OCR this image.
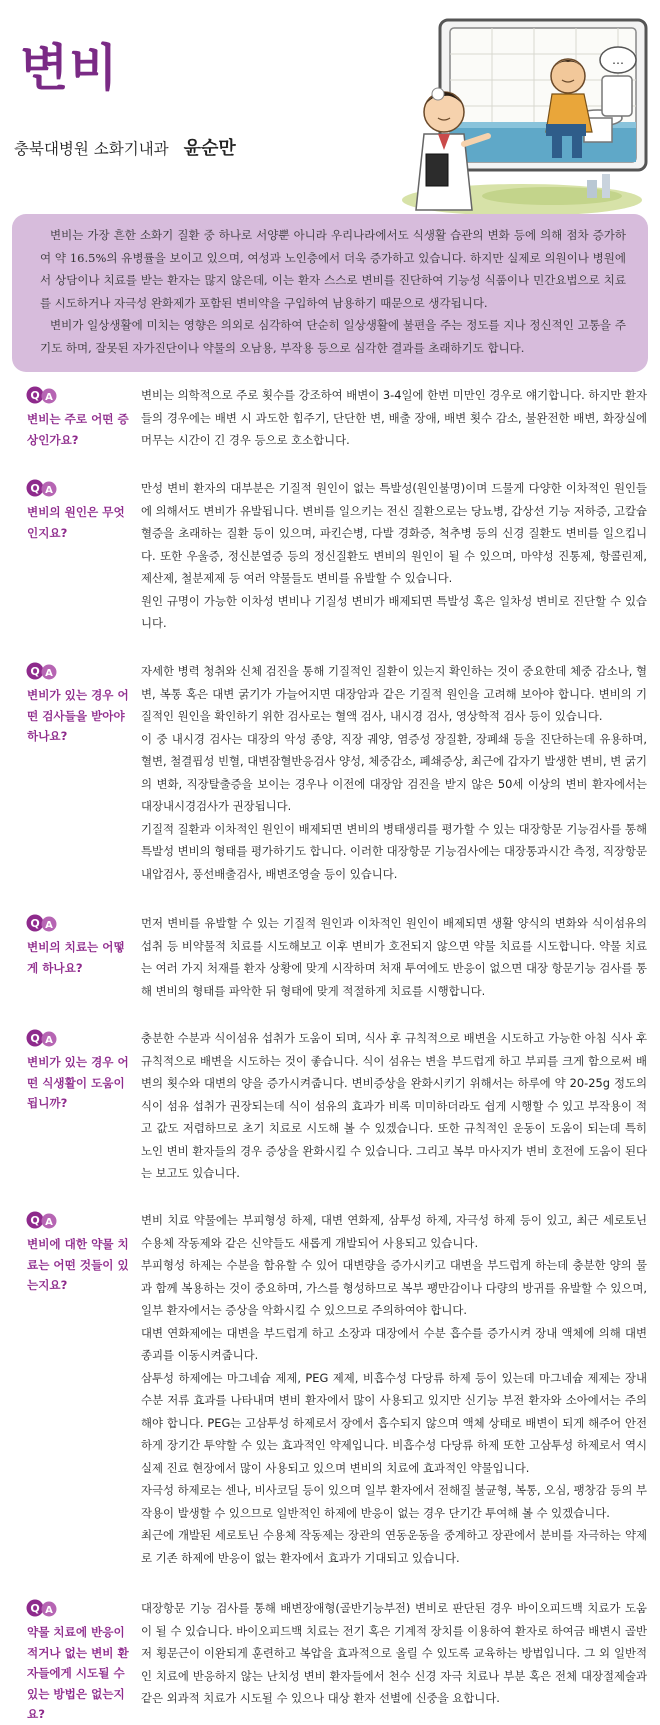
변비
충북대병원 소화기내과 윤순만
…

변비는 가장 흔한 소화기 질환 중 하나로 서양뿐 아니라 우리나라에서도 식생활 습관의 변화 등에 의해 점차 증가하여 약 16.5%의 유병률을 보이고 있으며, 여성과 노인층에서 더욱 증가하고 있습니다. 하지만 실제로 의원이나 병원에서 상담이나 치료를 받는 환자는 많지 않은데, 이는 환자 스스로 변비를 진단하여 기능성 식품이나 민간요법으로 치료를 시도하거나 자극성 완화제가 포함된 변비약을 구입하여 남용하기 때문으로 생각됩니다.

변비가 일상생활에 미치는 영향은 의외로 심각하여 단순히 일상생활에 불편을 주는 정도를 지나 정신적인 고통을 주기도 하며, 잘못된 자가진단이나 약물의 오남용, 부작용 등으로 심각한 결과를 초래하기도 합니다.

Q A
변비는 주로 어떤 증상인가요?

변비는 의학적으로 주로 횟수를 강조하여 배변이 3-4일에 한번 미만인 경우로 얘기합니다. 하지만 환자들의 경우에는 배변 시 과도한 힘주기, 단단한 변, 배출 장애, 배변 횟수 감소, 불완전한 배변, 화장실에 머무는 시간이 긴 경우 등으로 호소합니다.

Q A
변비의 원인은 무엇인지요?

만성 변비 환자의 대부분은 기질적 원인이 없는 특발성(원인불명)이며 드물게 다양한 이차적인 원인들에 의해서도 변비가 유발됩니다. 변비를 일으키는 전신 질환으로는 당뇨병, 갑상선 기능 저하증, 고칼슘혈증을 초래하는 질환 등이 있으며, 파킨슨병, 다발 경화증, 척추병 등의 신경 질환도 변비를 일으킵니다. 또한 우울증, 정신분열증 등의 정신질환도 변비의 원인이 될 수 있으며, 마약성 진통제, 항콜린제, 제산제, 철분제제 등 여러 약물들도 변비를 유발할 수 있습니다.

원인 규명이 가능한 이차성 변비나 기질성 변비가 배제되면 특발성 혹은 일차성 변비로 진단할 수 있습니다.

Q A
변비가 있는 경우 어떤 검사들을 받아야 하나요?

자세한 병력 청취와 신체 검진을 통해 기질적인 질환이 있는지 확인하는 것이 중요한데 체중 감소나, 혈변, 복통 혹은 대변 굵기가 가늘어지면 대장암과 같은 기질적 원인을 고려해 보아야 합니다. 변비의 기질적인 원인을 확인하기 위한 검사로는 혈액 검사, 내시경 검사, 영상학적 검사 등이 있습니다.

이 중 내시경 검사는 대장의 악성 종양, 직장 궤양, 염증성 장질환, 장폐쇄 등을 진단하는데 유용하며, 혈변, 철결핍성 빈혈, 대변잠혈반응검사 양성, 체중감소, 폐쇄증상, 최근에 갑자기 발생한 변비, 변 굵기의 변화, 직장탈출증을 보이는 경우나 이전에 대장암 검진을 받지 않은 50세 이상의 변비 환자에서는 대장내시경검사가 권장됩니다.

기질적 질환과 이차적인 원인이 배제되면 변비의 병태생리를 평가할 수 있는 대장항문 기능검사를 통해 특발성 변비의 형태를 평가하기도 합니다. 이러한 대장항문 기능검사에는 대장통과시간 측정, 직장항문 내압검사, 풍선배출검사, 배변조영술 등이 있습니다.

Q A
변비의 치료는 어떻게 하나요?

먼저 변비를 유발할 수 있는 기질적 원인과 이차적인 원인이 배제되면 생활 양식의 변화와 식이섬유의 섭취 등 비약물적 치료를 시도해보고 이후 변비가 호전되지 않으면 약물 치료를 시도합니다. 약물 치료는 여러 가지 처재를 환자 상황에 맞게 시작하며 처재 투여에도 반응이 없으면 대장 항문기능 검사를 통해 변비의 형태를 파악한 뒤 형태에 맞게 적절하게 치료를 시행합니다.

Q A
변비가 있는 경우 어떤 식생활이 도움이 됩니까?

충분한 수분과 식이섬유 섭취가 도움이 되며, 식사 후 규칙적으로 배변을 시도하고 가능한 아침 식사 후 규칙적으로 배변을 시도하는 것이 좋습니다. 식이 섬유는 변을 부드럽게 하고 부피를 크게 함으로써 배변의 횟수와 대변의 양을 증가시켜줍니다. 변비증상을 완화시키기 위해서는 하루에 약 20-25g 정도의 식이 섬유 섭취가 권장되는데 식이 섬유의 효과가 비록 미미하더라도 쉽게 시행할 수 있고 부작용이 적고 값도 저렴하므로 초기 치료로 시도해 볼 수 있겠습니다. 또한 규칙적인 운동이 도움이 되는데 특히 노인 변비 환자들의 경우 증상을 완화시킬 수 있습니다. 그리고 복부 마사지가 변비 호전에 도움이 된다는 보고도 있습니다.

Q A
변비에 대한 약물 치료는 어떤 것들이 있는지요?

변비 치료 약물에는 부피형성 하제, 대변 연화제, 삼투성 하제, 자극성 하제 등이 있고, 최근 세로토닌 수용체 작동제와 같은 신약들도 새롭게 개발되어 사용되고 있습니다.

부피형성 하제는 수분을 함유할 수 있어 대변량을 증가시키고 대변을 부드럽게 하는데 충분한 양의 물과 함께 복용하는 것이 중요하며, 가스를 형성하므로 복부 팽만감이나 다량의 방귀를 유발할 수 있으며, 일부 환자에서는 증상을 악화시킬 수 있으므로 주의하여야 합니다.

대변 연화제에는 대변을 부드럽게 하고 소장과 대장에서 수분 흡수를 증가시켜 장내 액체에 의해 대변 종괴를 이동시켜줍니다.

삼투성 하제에는 마그네슘 제제, PEG 제제, 비흡수성 다당류 하제 등이 있는데 마그네슘 제제는 장내 수분 저류 효과를 나타내며 변비 환자에서 많이 사용되고 있지만 신기능 부전 환자와 소아에서는 주의해야 합니다. PEG는 고삼투성 하제로서 장에서 흡수되지 않으며 액체 상태로 배변이 되게 해주어 안전하게 장기간 투약할 수 있는 효과적인 약제입니다. 비흡수성 다당류 하제 또한 고삼투성 하제로서 역시 실제 진료 현장에서 많이 사용되고 있으며 변비의 치료에 효과적인 약물입니다.

자극성 하제로는 센나, 비사코딜 등이 있으며 일부 환자에서 전해질 불균형, 복통, 오심, 팽창감 등의 부작용이 발생할 수 있으므로 일반적인 하제에 반응이 없는 경우 단기간 투여해 볼 수 있겠습니다.

최근에 개발된 세로토닌 수용체 작동제는 장관의 연동운동을 중계하고 장관에서 분비를 자극하는 약제로 기존 하제에 반응이 없는 환자에서 효과가 기대되고 있습니다.

Q A
약물 치료에 반응이 적거나 없는 변비 환자들에게 시도될 수 있는 방법은 없는지요?

대장항문 기능 검사를 통해 배변장애형(골반기능부전) 변비로 판단된 경우 바이오피드백 치료가 도움이 될 수 있습니다. 바이오피드백 치료는 전기 혹은 기계적 장치를 이용하여 환자로 하여금 배변시 골반저 횡문근이 이완되게 훈련하고 복압을 효과적으로 올릴 수 있도록 교육하는 방법입니다. 그 외 일반적인 치료에 반응하지 않는 난치성 변비 환자들에서 천수 신경 자극 치료나 부분 혹은 전체 대장절제술과 같은 외과적 치료가 시도될 수 있으나 대상 환자 선별에 신중을 요합니다.
